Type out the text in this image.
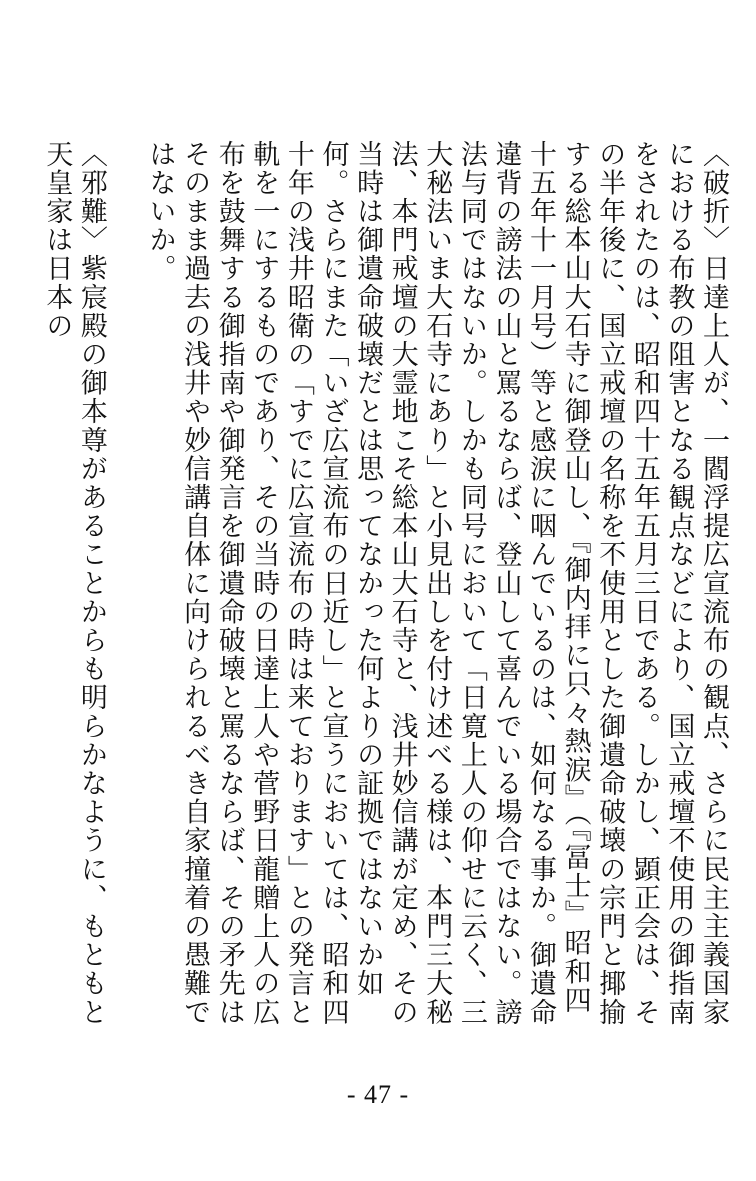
〈破折〉日達上人が、一閻浮提広宣流布の観点、さらに民主主義国家における布教の阻害となる観点などにより、国立戒壇不使用の御指南をされたのは、昭和四十五年五月三日である。しかし、顕正会は、その半年後に、国立戒壇の名称を不使用とした御遺命破壊の宗門と揶揄する総本山大石寺に御登山し、『御内拝に只々熱涙』（『冨士』昭和四十五年十一月号）等と感涙に咽んでいるのは、如何なる事か。御遺命違背の謗法の山と罵るならば、登山して喜んでいる場合ではない。謗法与同ではないか。しかも同号において「日寛上人の仰せに云く、三大秘法いま大石寺にあり」と小見出しを付け述べる様は、本門三大秘法、本門戒壇の大霊地こそ総本山大石寺と、浅井妙信講が定め、その当時は御遺命破壊だとは思ってなかった何よりの証拠ではないか如何。さらにまた「いざ広宣流布の日近し」と宣うにおいては、昭和四十年の浅井昭衛の「すでに広宣流布の時は来ております」との発言と軌を一にするものであり、その当時の日達上人や菅野日龍贈上人の広布を鼓舞する御指南や御発言を御遺命破壊と罵るならば、その矛先はそのまま過去の浅井や妙信講自体に向けられるべき自家撞着の愚難ではないか。

〈邪難〉紫宸殿の御本尊があることからも明らかなように、もともと天皇家は日本の

- 47 -
